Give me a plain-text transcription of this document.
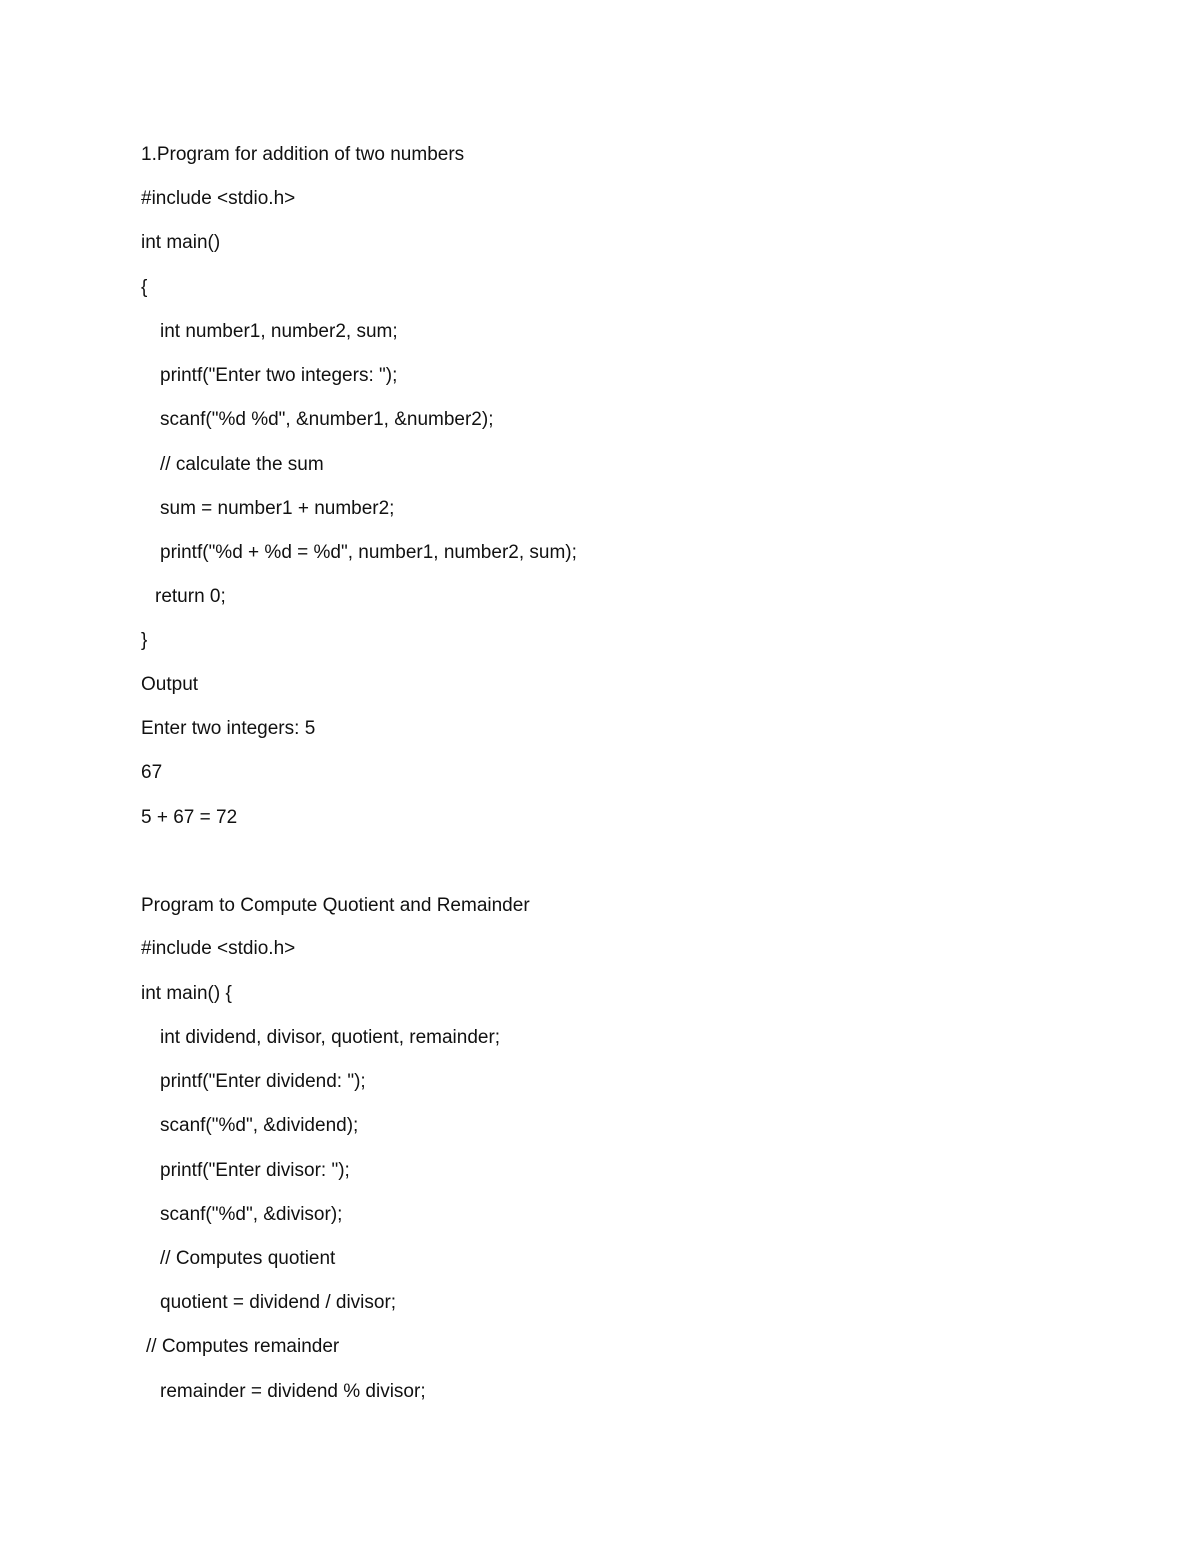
1.Program for addition of two numbers

#include <stdio.h>

int main()

{

int number1, number2, sum;

printf("Enter two integers: ");

scanf("%d %d", &number1, &number2);

// calculate the sum

sum = number1 + number2;

printf("%d + %d = %d", number1, number2, sum);

return 0;

}

Output

Enter two integers: 5

67

5 + 67 = 72

Program to Compute Quotient and Remainder

#include <stdio.h>

int main() {

int dividend, divisor, quotient, remainder;

printf("Enter dividend: ");

scanf("%d", &dividend);

printf("Enter divisor: ");

scanf("%d", &divisor);

// Computes quotient

quotient = dividend / divisor;

// Computes remainder

remainder = dividend % divisor;
